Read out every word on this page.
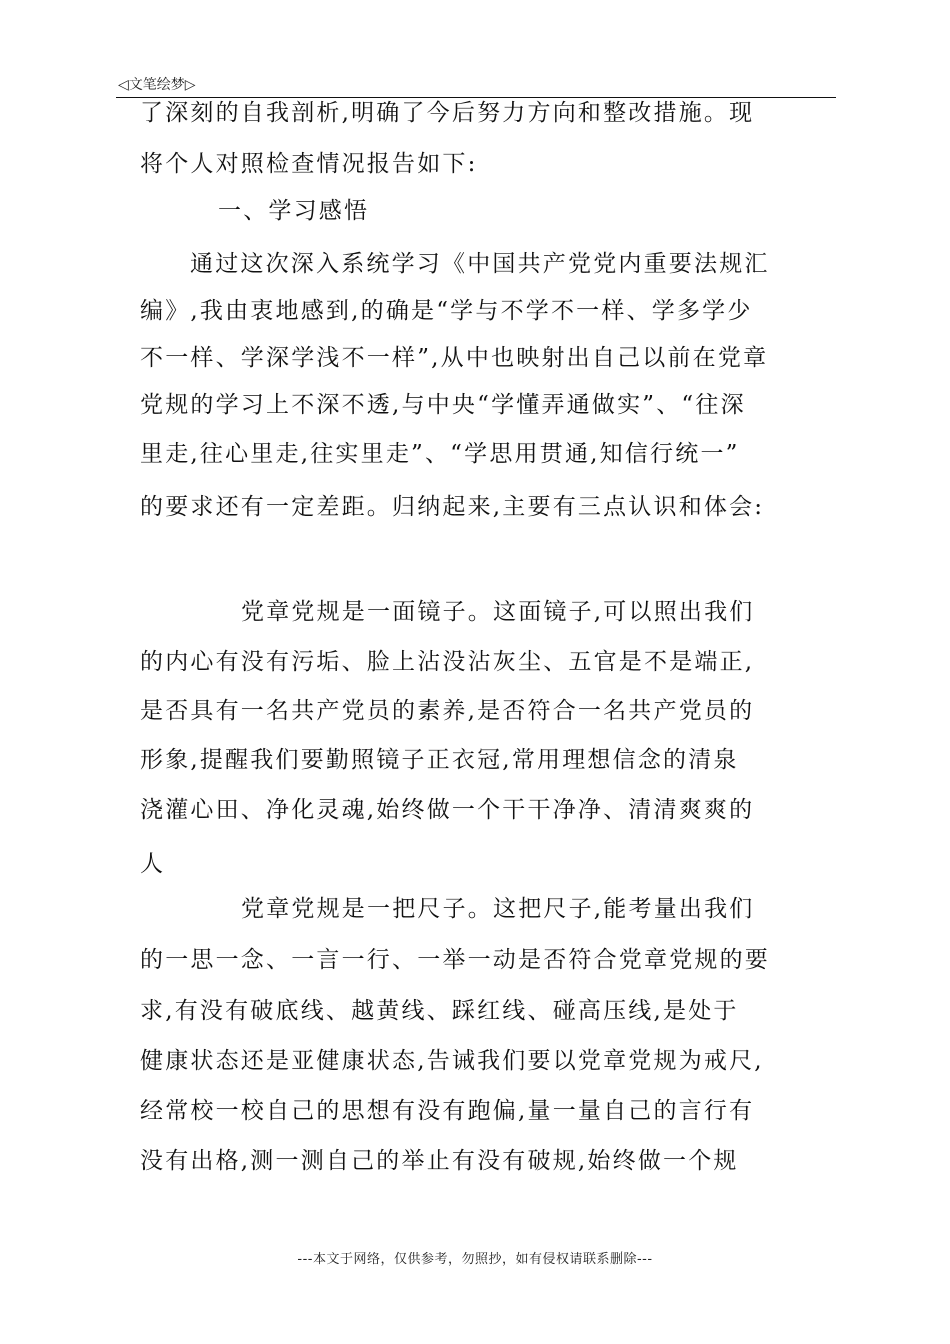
◁文笔绘梦▷
了深刻的自我剖析,明确了今后努力方向和整改措施。现
将个人对照检查情况报告如下:
一、学习感悟
通过这次深入系统学习《中国共产党党内重要法规汇
编》,我由衷地感到,的确是“学与不学不一样、学多学少
不一样、学深学浅不一样”,从中也映射出自己以前在党章
党规的学习上不深不透,与中央“学懂弄通做实”、“往深
里走,往心里走,往实里走”、“学思用贯通,知信行统一”
的要求还有一定差距。归纳起来,主要有三点认识和体会:
党章党规是一面镜子。这面镜子,可以照出我们
的内心有没有污垢、脸上沾没沾灰尘、五官是不是端正,
是否具有一名共产党员的素养,是否符合一名共产党员的
形象,提醒我们要勤照镜子正衣冠,常用理想信念的清泉
浇灌心田、净化灵魂,始终做一个干干净净、清清爽爽的
人
党章党规是一把尺子。这把尺子,能考量出我们
的一思一念、一言一行、一举一动是否符合党章党规的要
求,有没有破底线、越黄线、踩红线、碰高压线,是处于
健康状态还是亚健康状态,告诫我们要以党章党规为戒尺,
经常校一校自己的思想有没有跑偏,量一量自己的言行有
没有出格,测一测自己的举止有没有破规,始终做一个规
---本文于网络，仅供参考，勿照抄，如有侵权请联系删除---
